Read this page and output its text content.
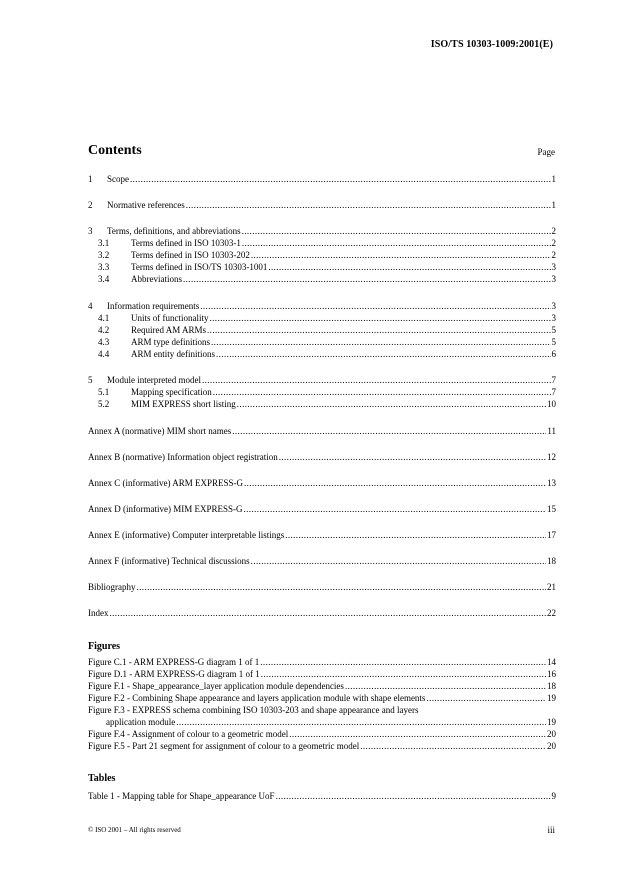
ISO/TS 10303-1009:2001(E)
Contents	Page
1	Scope .....	1
2	Normative references .....	1
3	Terms, definitions, and abbreviations .....	2
3.1	Terms defined in ISO 10303-1 .....	2
3.2	Terms defined in ISO 10303-202 .....	2
3.3	Terms defined in ISO/TS 10303-1001 .....	3
3.4	Abbreviations .....	3
4	Information requirements .....	3
4.1	Units of functionality .....	3
4.2	Required AM ARMs .....	5
4.3	ARM type definitions .....	5
4.4	ARM entity definitions .....	6
5	Module interpreted model .....	7
5.1	Mapping specification .....	7
5.2	MIM EXPRESS short listing .....	10
Annex A (normative) MIM short names .....	11
Annex B (normative) Information object registration .....	12
Annex C (informative) ARM EXPRESS-G .....	13
Annex D (informative) MIM EXPRESS-G .....	15
Annex E (informative) Computer interpretable listings .....	17
Annex F (informative) Technical discussions .....	18
Bibliography .....	21
Index .....	22
Figures
Figure C.1 - ARM EXPRESS-G diagram 1 of 1 .....	14
Figure D.1 - ARM EXPRESS-G diagram 1 of 1 .....	16
Figure F.1 - Shape_appearance_layer application module dependencies .....	18
Figure F.2 - Combining Shape appearance and layers application module with shape elements .....	19
Figure F.3 - EXPRESS schema combining ISO 10303-203 and shape appearance and layers
application module .....	19
Figure F.4 - Assignment of colour to a geometric model .....	20
Figure F.5 - Part 21 segment for assignment of colour to a geometric model .....	20
Tables
Table 1 - Mapping table for Shape_appearance UoF .....	9
© ISO 2001 – All rights reserved	iii
